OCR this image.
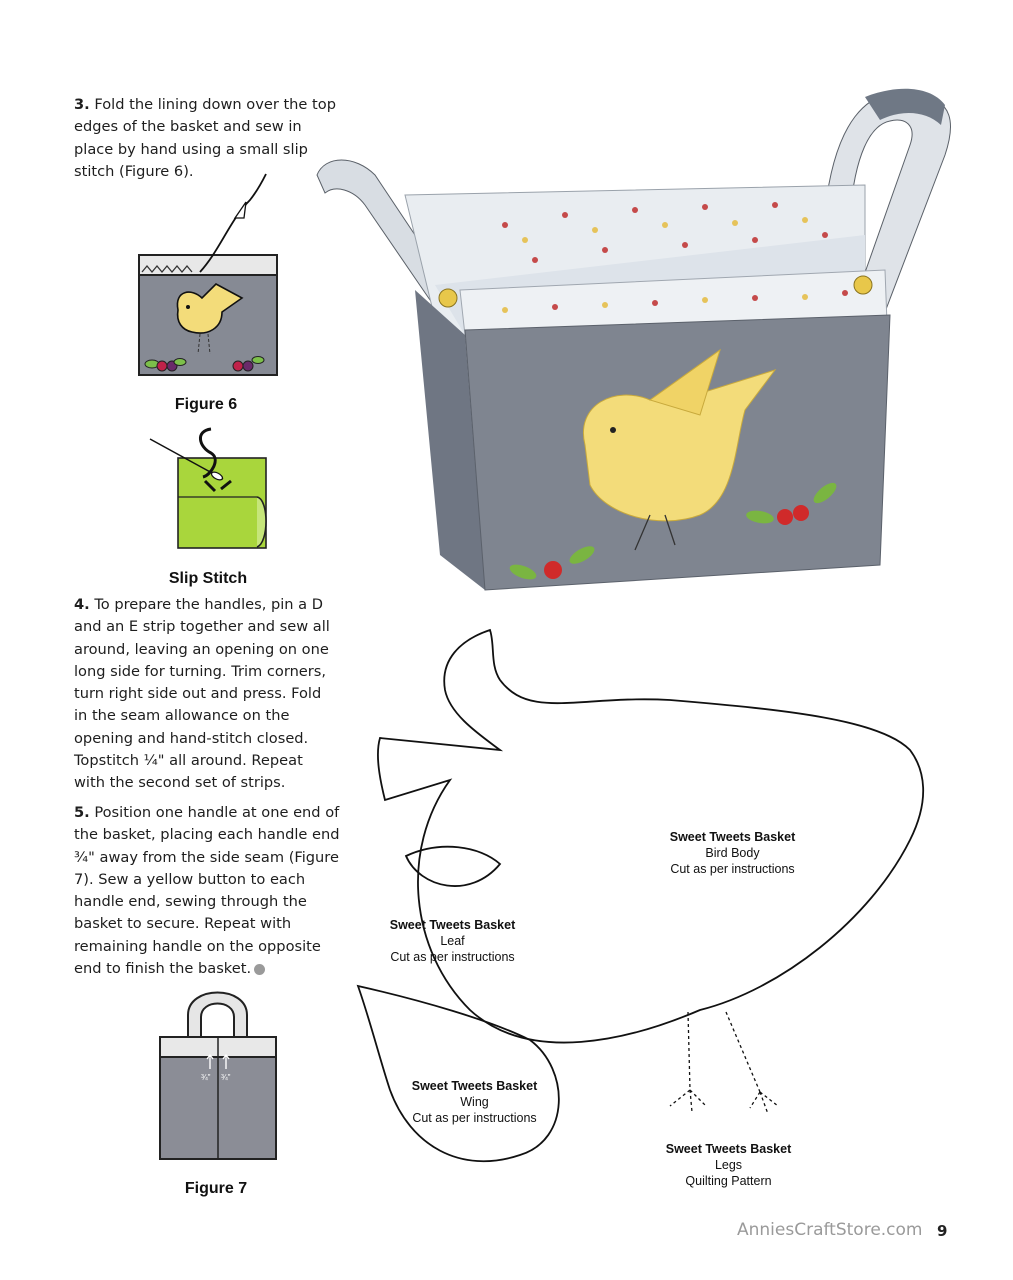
3. Fold the lining down over the top edges of the basket and sew in place by hand using a small slip stitch (Figure 6).
Figure 6
Slip Stitch
4. To prepare the handles, pin a D and an E strip together and sew all around, leaving an opening on one long side for turning. Trim corners, turn right side out and press. Fold in the seam allowance on the opening and hand-stitch closed. Topstitch ¼" all around. Repeat with the second set of strips.
5. Position one handle at one end of the basket, placing each handle end ¾" away from the side seam (Figure 7). Sew a yellow button to each handle end, sewing through the basket to secure. Repeat with remaining handle on the opposite end to finish the basket.
¾" ¾"
Figure 7
Sweet Tweets Basket
Bird Body
Cut as per instructions
Sweet Tweets Basket
Leaf
Cut as per instructions
Sweet Tweets Basket
Wing
Cut as per instructions
Sweet Tweets Basket
Legs
Quilting Pattern
AnniesCraftStore.com 9
